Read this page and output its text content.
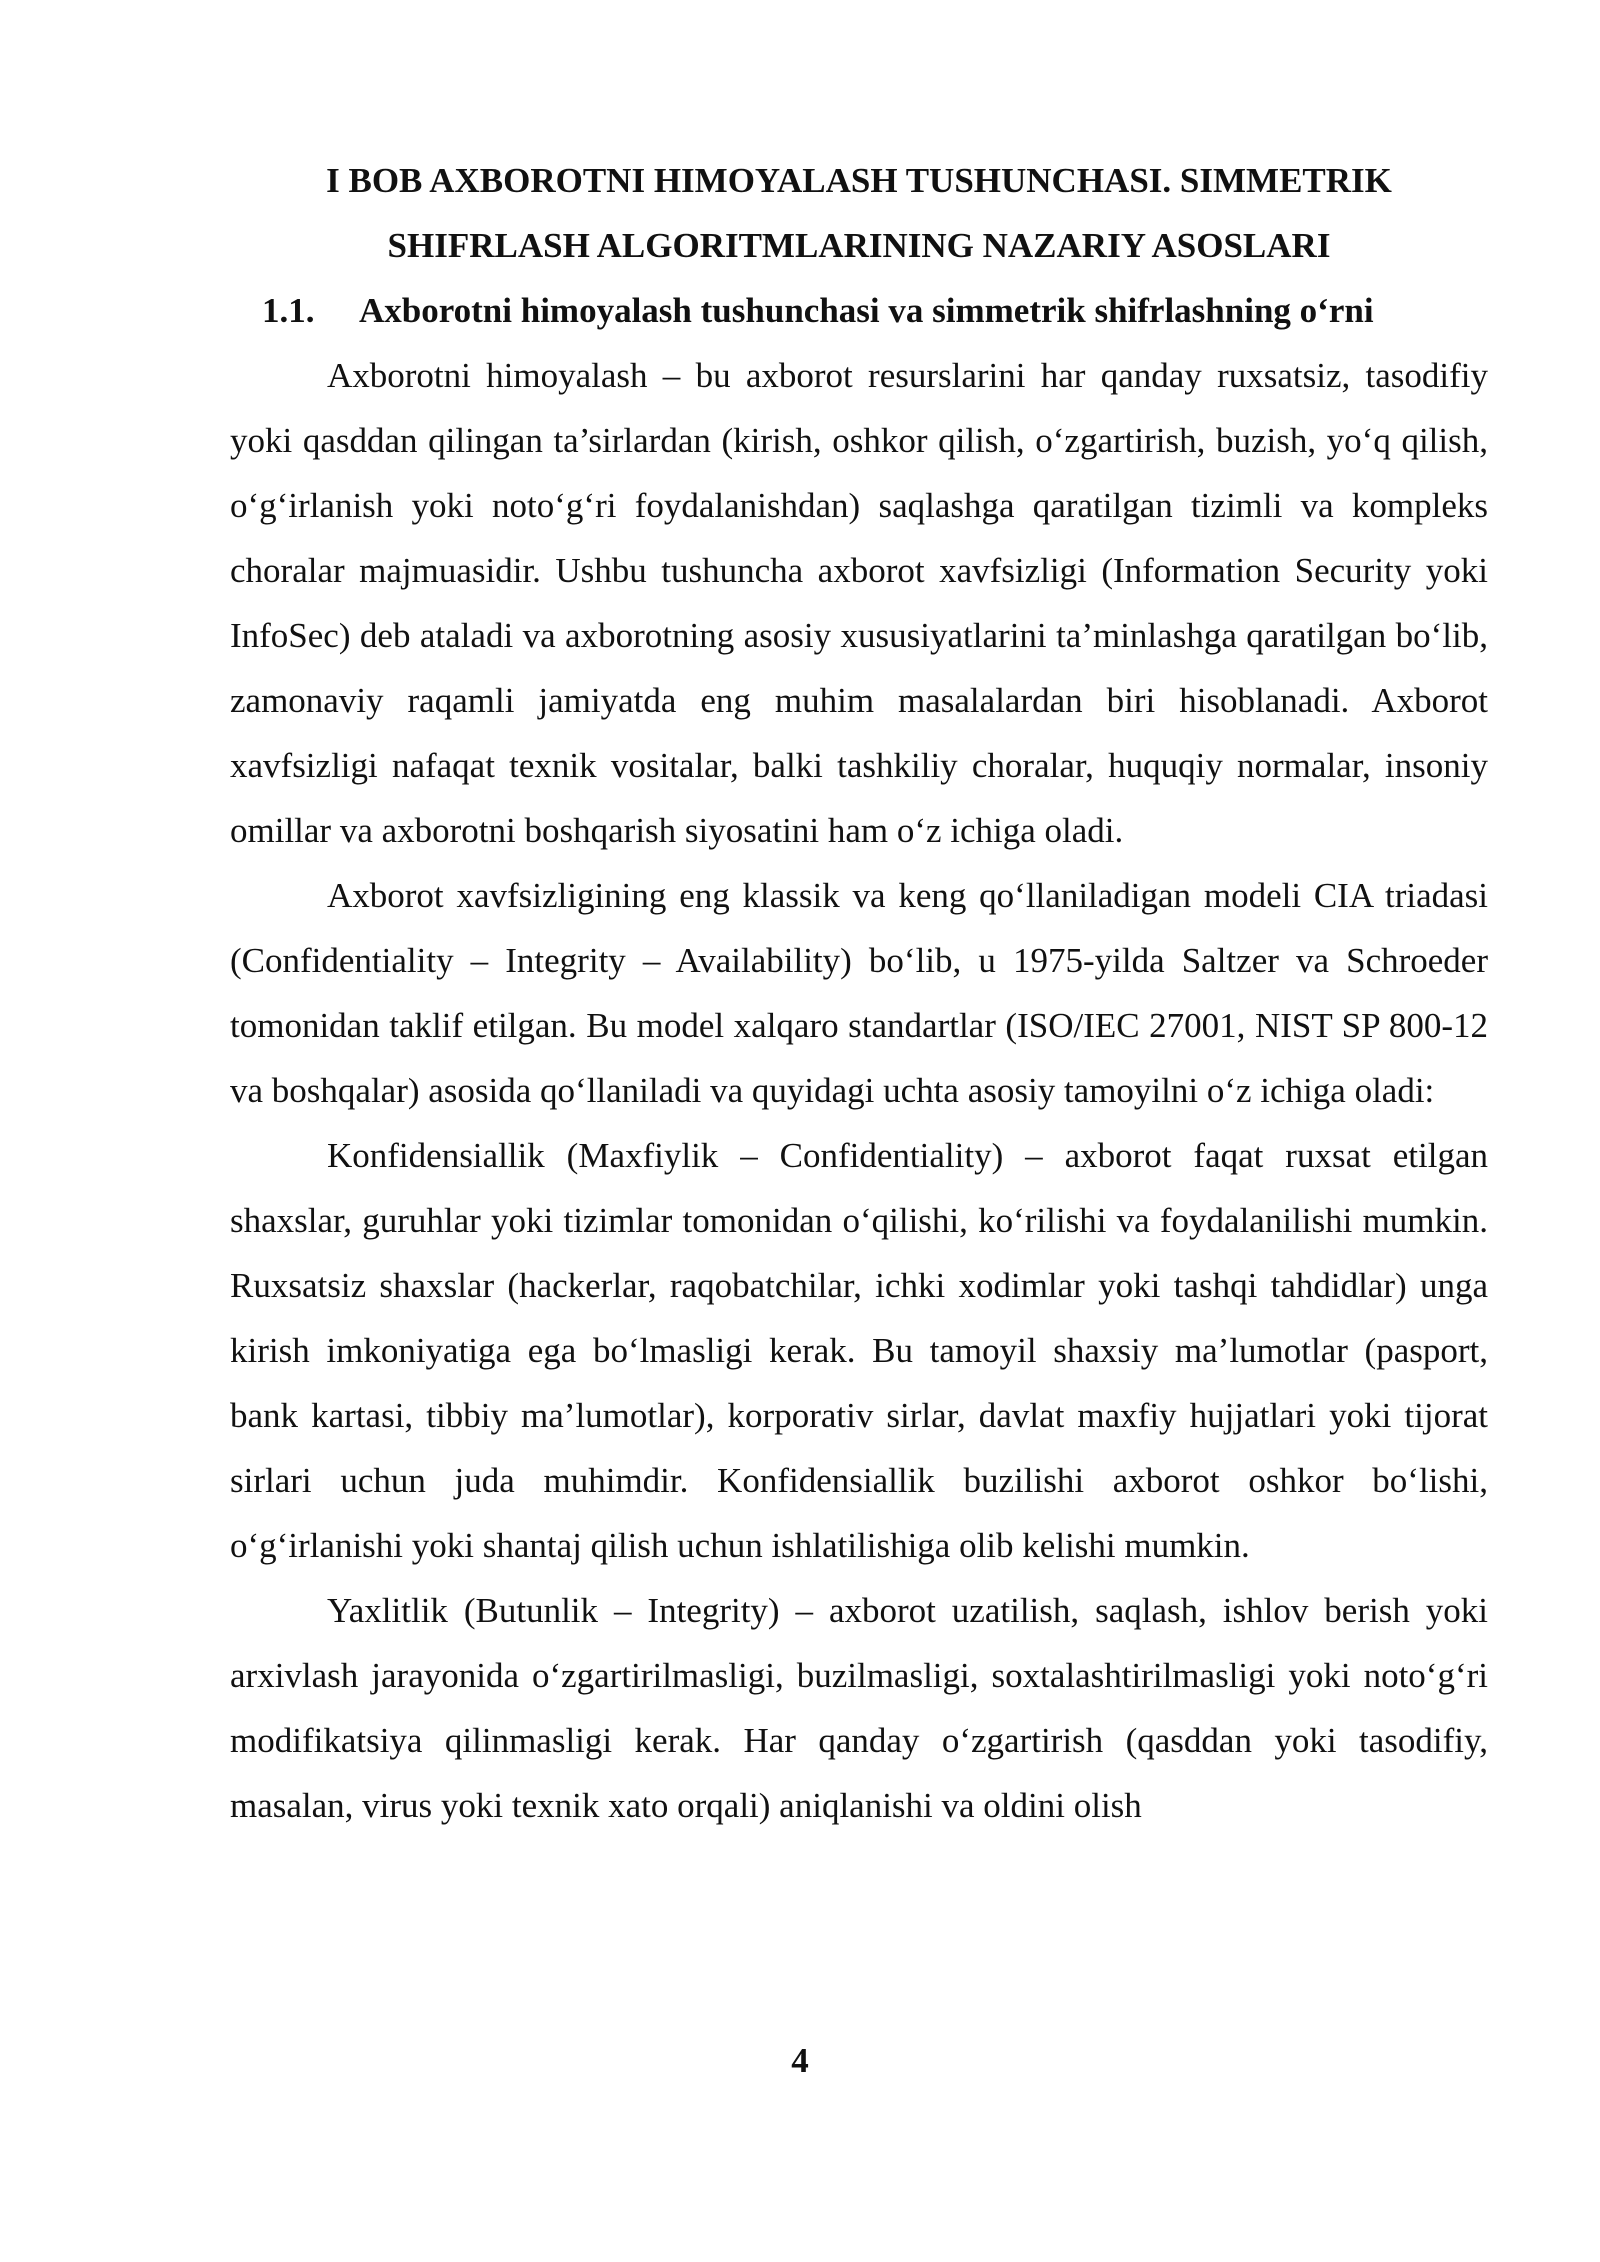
I BOB AXBOROTNI HIMOYALASH TUSHUNCHASI. SIMMETRIK
SHIFRLASH ALGORITMLARINING NAZARIY ASOSLARI
1.1. Axborotni himoyalash tushunchasi va simmetrik shifrlashning o‘rni

Axborotni himoyalash – bu axborot resurslarini har qanday ruxsatsiz, tasodifiy yoki qasddan qilingan ta’sirlardan (kirish, oshkor qilish, o‘zgartirish, buzish, yo‘q qilish, o‘g‘irlanish yoki noto‘g‘ri foydalanishdan) saqlashga qaratilgan tizimli va kompleks choralar majmuasidir. Ushbu tushuncha axborot xavfsizligi (Information Security yoki InfoSec) deb ataladi va axborotning asosiy xususiyatlarini ta’minlashga qaratilgan bo‘lib, zamonaviy raqamli jamiyatda eng muhim masalalardan biri hisoblanadi. Axborot xavfsizligi nafaqat texnik vositalar, balki tashkiliy choralar, huquqiy normalar, insoniy omillar va axborotni boshqarish siyosatini ham o‘z ichiga oladi.

Axborot xavfsizligining eng klassik va keng qo‘llaniladigan modeli CIA triadasi (Confidentiality – Integrity – Availability) bo‘lib, u 1975-yilda Saltzer va Schroeder tomonidan taklif etilgan. Bu model xalqaro standartlar (ISO/IEC 27001, NIST SP 800-12 va boshqalar) asosida qo‘llaniladi va quyidagi uchta asosiy tamoyilni o‘z ichiga oladi:

Konfidensiallik (Maxfiylik – Confidentiality) – axborot faqat ruxsat etilgan shaxslar, guruhlar yoki tizimlar tomonidan o‘qilishi, ko‘rilishi va foydalanilishi mumkin. Ruxsatsiz shaxslar (hackerlar, raqobatchilar, ichki xodimlar yoki tashqi tahdidlar) unga kirish imkoniyatiga ega bo‘lmasligi kerak. Bu tamoyil shaxsiy ma’lumotlar (pasport, bank kartasi, tibbiy ma’lumotlar), korporativ sirlar, davlat maxfiy hujjatlari yoki tijorat sirlari uchun juda muhimdir. Konfidensiallik buzilishi axborot oshkor bo‘lishi, o‘g‘irlanishi yoki shantaj qilish uchun ishlatilishiga olib kelishi mumkin.

Yaxlitlik (Butunlik – Integrity) – axborot uzatilish, saqlash, ishlov berish yoki arxivlash jarayonida o‘zgartirilmasligi, buzilmasligi, soxtalashtirilmasligi yoki noto‘g‘ri modifikatsiya qilinmasligi kerak. Har qanday o‘zgartirish (qasddan yoki tasodifiy, masalan, virus yoki texnik xato orqali) aniqlanishi va oldini olish

4
